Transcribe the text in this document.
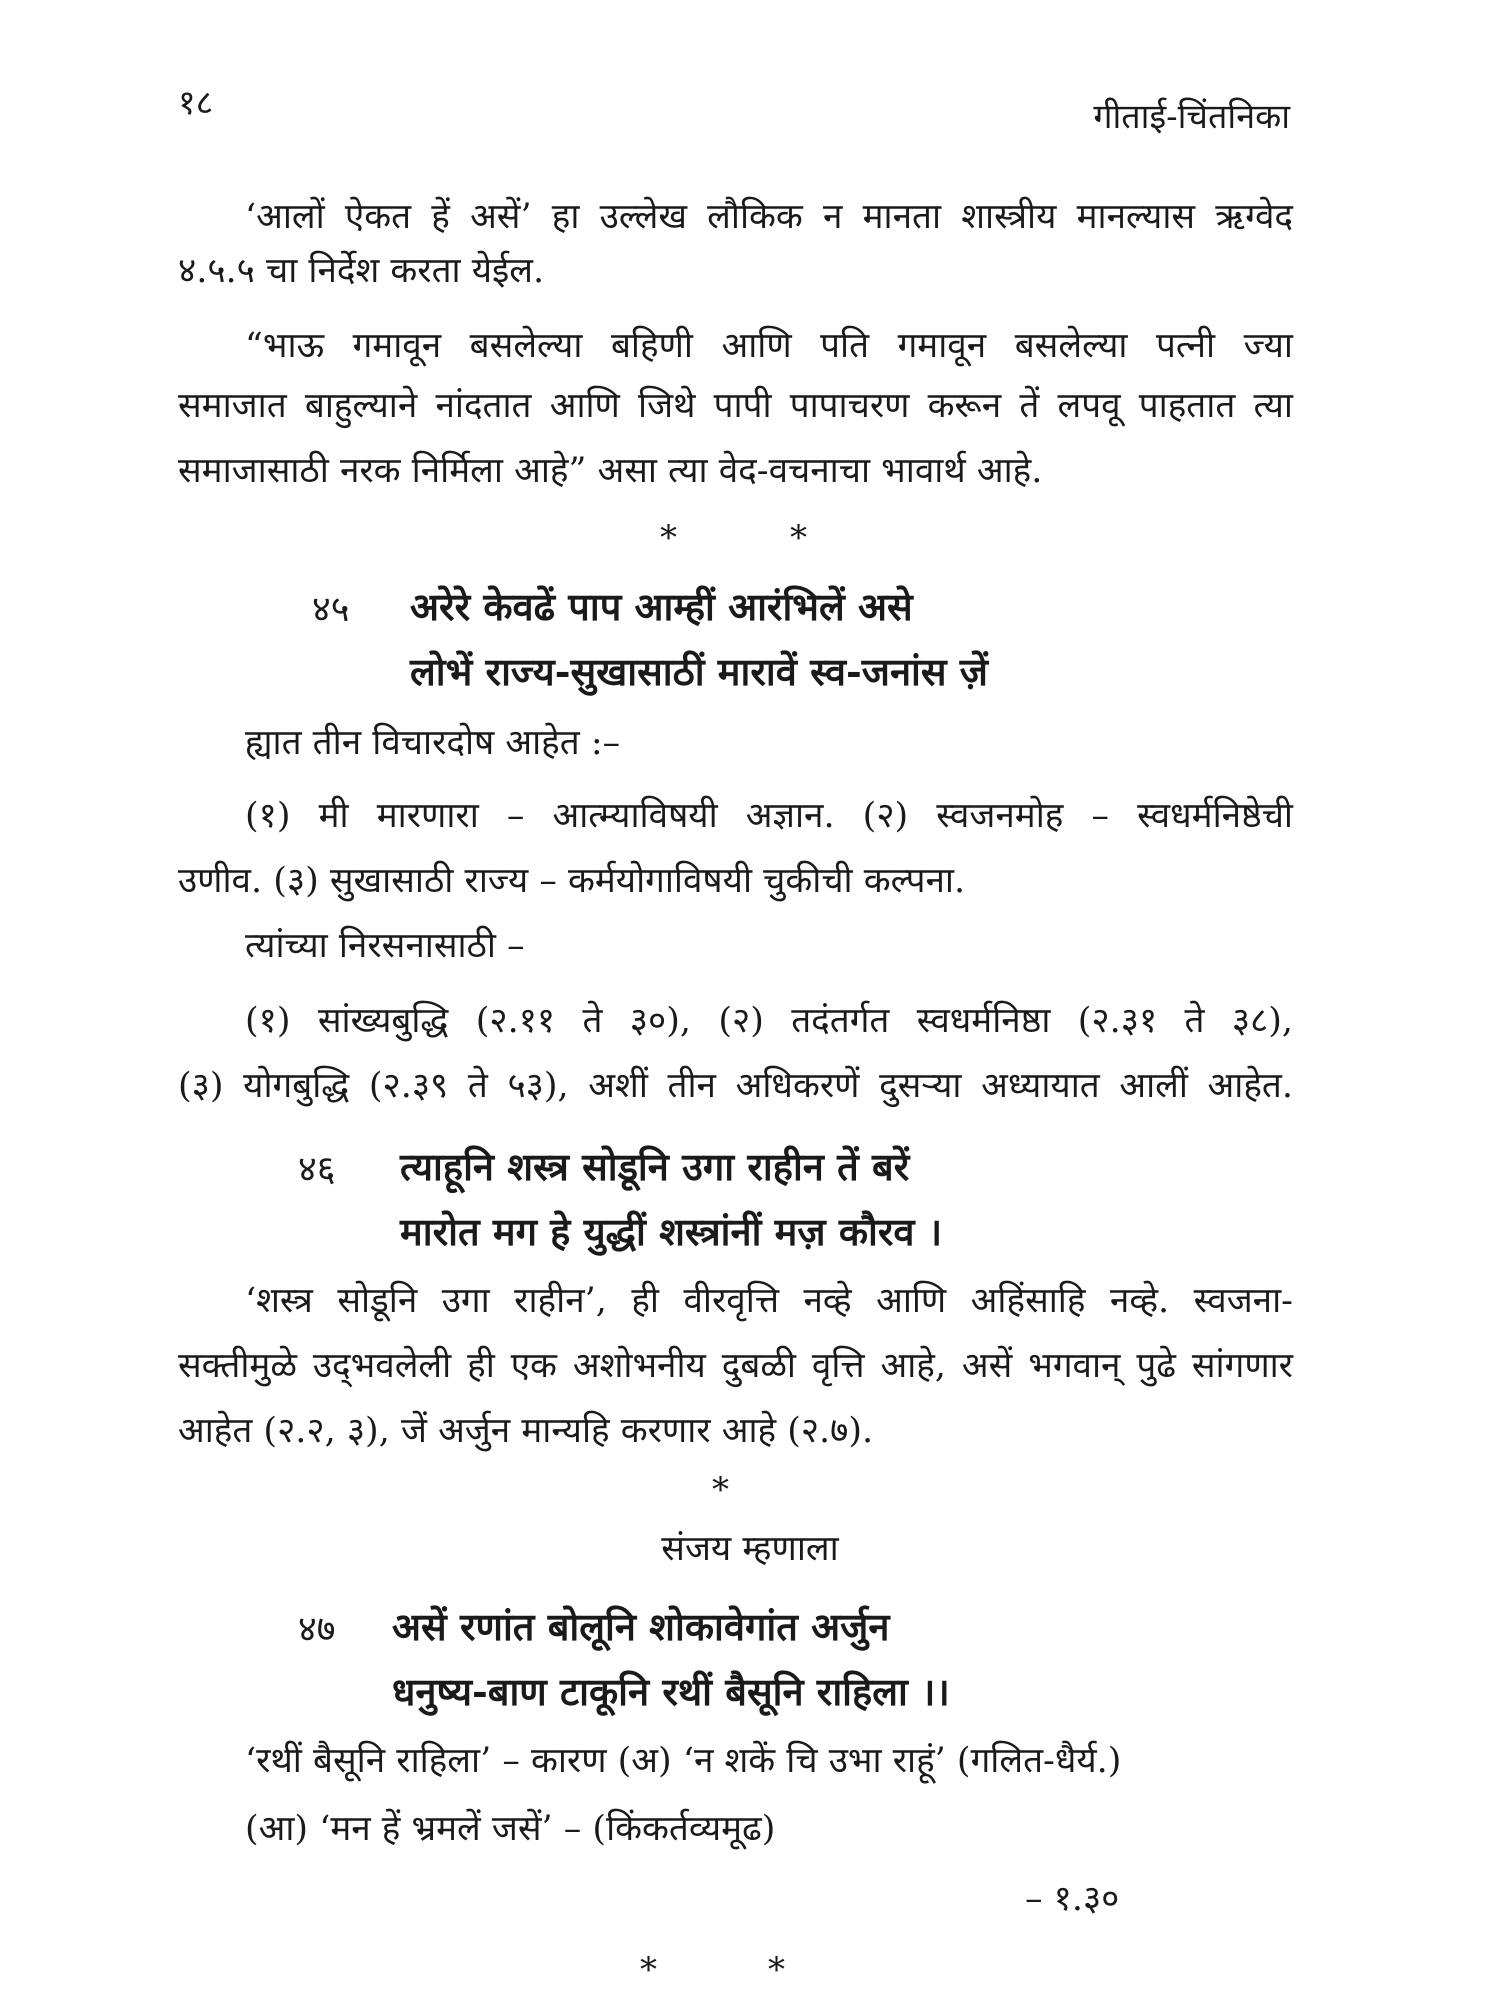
१८	गीताई-चिंतनिका
‘आलों ऐकत हें असें’ हा उल्लेख लौकिक न मानता शास्त्रीय मानल्यास ऋग्वेद
४.५.५ चा निर्देश करता येईल.
“भाऊ गमावून बसलेल्या बहिणी आणि पति गमावून बसलेल्या पत्नी ज्या
समाजात बाहुल्याने नांदतात आणि जिथे पापी पापाचरण करून तें लपवू पाहतात त्या
समाजासाठी नरक निर्मिला आहे” असा त्या वेद-वचनाचा भावार्थ आहे.
*	*
४५ अरेरे केवढें पाप आम्हीं आरंभिलें असे
लोभें राज्य-सुखासाठीं मारावें स्व-जनांस ज़ें
ह्यात तीन विचारदोष आहेत :–
(१) मी मारणारा – आत्म्याविषयी अज्ञान. (२) स्वजनमोह – स्वधर्मनिष्ठेची
उणीव. (३) सुखासाठी राज्य – कर्मयोगाविषयी चुकीची कल्पना.
त्यांच्या निरसनासाठी –
(१) सांख्यबुद्धि (२.११ ते ३०), (२) तदंतर्गत स्वधर्मनिष्ठा (२.३१ ते ३८),
(३) योगबुद्धि (२.३९ ते ५३), अशीं तीन अधिकरणें दुसऱ्या अध्यायात आलीं आहेत.
४६ त्याहूनि शस्त्र सोडूनि उगा राहीन तें बरें
मारोत मग हे युद्धीं शस्त्रांनीं मज़ कौरव ।
‘शस्त्र सोडूनि उगा राहीन’, ही वीरवृत्ति नव्हे आणि अहिंसाहि नव्हे. स्वजना-
सक्तीमुळे उद्‌भवलेली ही एक अशोभनीय दुबळी वृत्ति आहे, असें भगवान् पुढे सांगणार
आहेत (२.२, ३), जें अर्जुन मान्यहि करणार आहे (२.७).
*
संजय म्हणाला
४७ असें रणांत बोलूनि शोकावेगांत अर्जुन
धनुष्य-बाण टाकूनि रथीं बैसूनि राहिला ।।
‘रथीं बैसूनि राहिला’ – कारण (अ) ‘न शकें चि उभा राहूं’ (गलित-धैर्य.)
(आ) ‘मन हें भ्रमलें जसें’ – (किंकर्तव्यमूढ)
– १.३०
*	*
